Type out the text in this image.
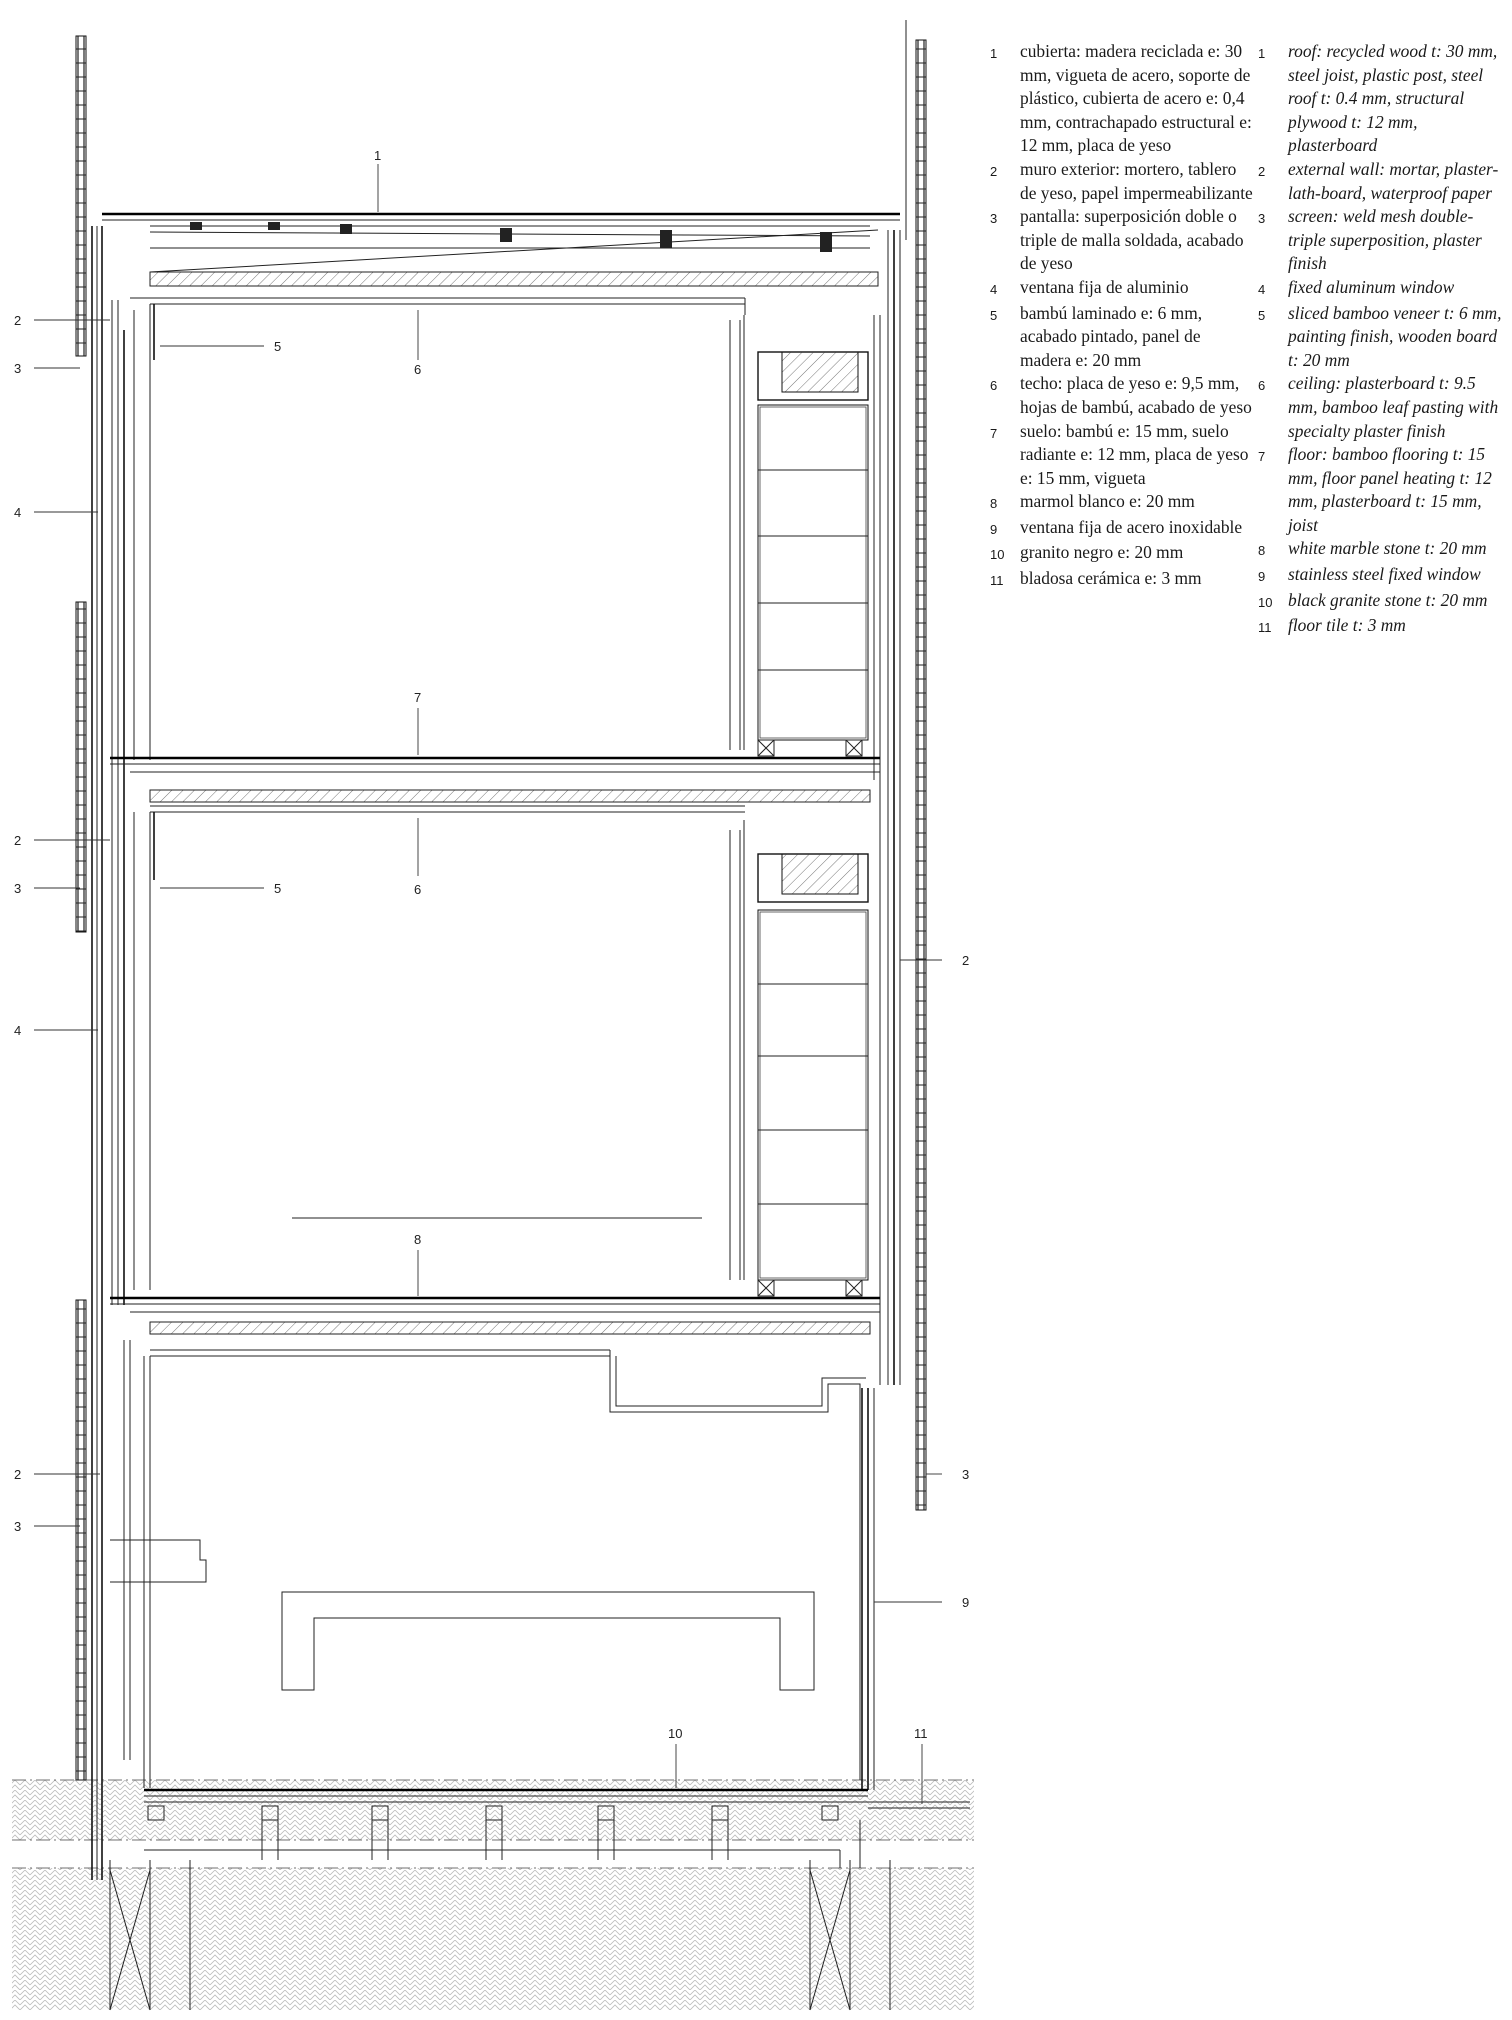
1
2
3
5
6
4
7
2
3	5	6
4
2
8
3
2
3
9
10	11
1	cubierta: madera reciclada e: 30 mm, vigueta de acero, soporte de plástico, cubierta de acero e: 0,4 mm, contrachapado estructural e: 12 mm, placa de yeso
2	muro exterior: mortero, tablero de yeso, papel impermeabilizante
3	pantalla: superposición doble o triple de malla soldada, acabado de yeso
4	ventana fija de aluminio
5	bambú laminado e: 6 mm, acabado pintado, panel de madera e: 20 mm
6	techo: placa de yeso e: 9,5 mm, hojas de bambú, acabado de yeso
7	suelo: bambú e: 15 mm, suelo radiante e: 12 mm, placa de yeso e: 15 mm, vigueta
8	marmol blanco e: 20 mm
9	ventana fija de acero inoxidable
10 granito negro e: 20 mm
11 bladosa cerámica e: 3 mm
1	roof: recycled wood t: 30 mm, steel joist, plastic post, steel roof t: 0.4 mm, structural plywood t: 12 mm, plasterboard
2	external wall: mortar, plaster-lath-board, waterproof paper
3	screen: weld mesh double-triple superposition, plaster finish
4	fixed aluminum window
5	sliced bamboo veneer t: 6 mm, painting finish, wooden board t: 20 mm
6	ceiling: plasterboard t: 9.5 mm, bamboo leaf pasting with specialty plaster finish
7	floor: bamboo flooring t: 15 mm, floor panel heating t: 12 mm, plasterboard t: 15 mm, joist
8	white marble stone t: 20 mm
9	stainless steel fixed window
10 black granite stone t: 20 mm
11 floor tile t: 3 mm
